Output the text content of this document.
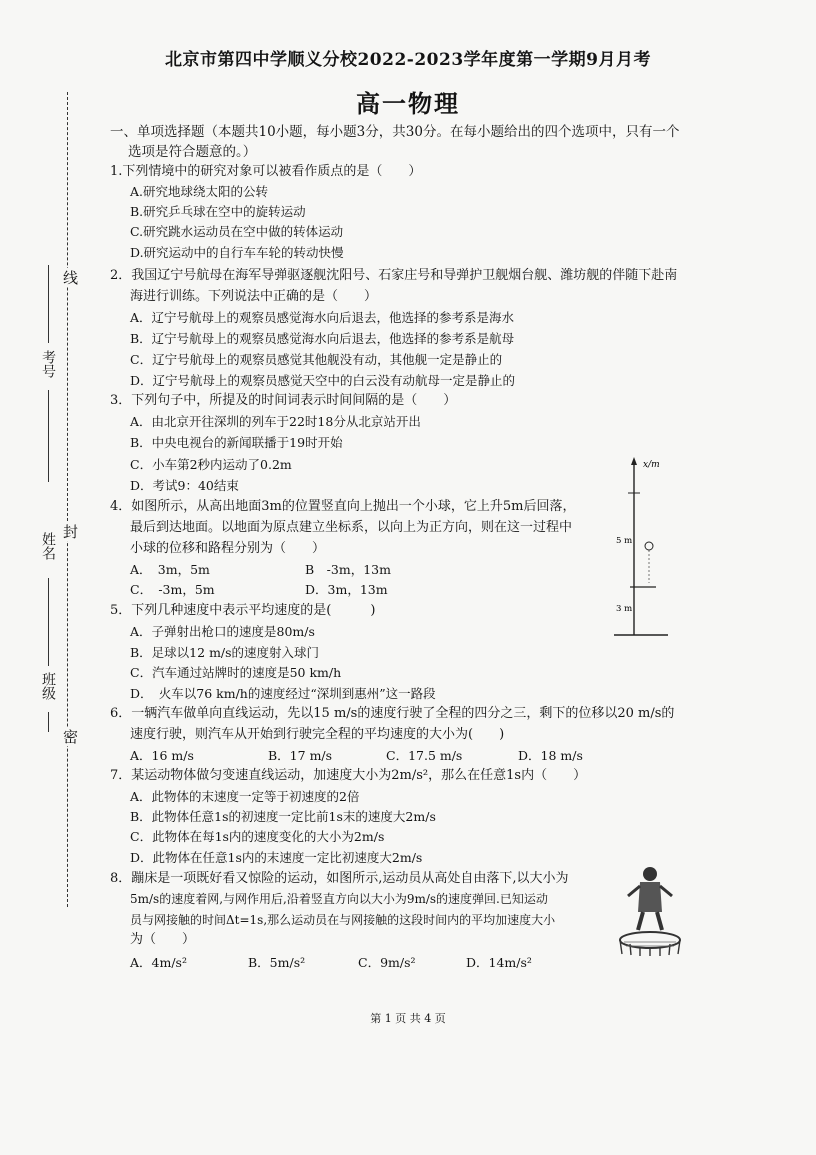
考号
姓名
班级
线
封
密
北京市第四中学顺义分校2022-2023学年度第一学期9月月考
高一物理
一、单项选择题（本题共10小题，每小题3分，共30分。在每小题给出的四个选项中，只有一个
选项是符合题意的。）
1.下列情境中的研究对象可以被看作质点的是（　　）
A.研究地球绕太阳的公转
B.研究乒乓球在空中的旋转运动
C.研究跳水运动员在空中做的转体运动
D.研究运动中的自行车车轮的转动快慢
2．我国辽宁号航母在海军导弹驱逐舰沈阳号、石家庄号和导弹护卫舰烟台舰、潍坊舰的伴随下赴南
海进行训练。下列说法中正确的是（　　）
A．辽宁号航母上的观察员感觉海水向后退去，他选择的参考系是海水
B．辽宁号航母上的观察员感觉海水向后退去，他选择的参考系是航母
C．辽宁号航母上的观察员感觉其他舰没有动，其他舰一定是静止的
D．辽宁号航母上的观察员感觉天空中的白云没有动航母一定是静止的
3．下列句子中，所提及的时间词表示时间间隔的是（　　）
A．由北京开往深圳的列车于22时18分从北京站开出
B．中央电视台的新闻联播于19时开始
C．小车第2秒内运动了0.2m
D．考试9：40结束
4．如图所示，从高出地面3m的位置竖直向上抛出一个小球，它上升5m后回落，
最后到达地面。以地面为原点建立坐标系，以向上为正方向，则在这一过程中
小球的位移和路程分别为（　　）
A．　3m，5m	B　-3m，13m
C．　-3m，5m	D．3m，13m
x/m
5 m
3 m
5．下列几种速度中表示平均速度的是(　　　)
A．子弹射出枪口的速度是80m/s
B．足球以12 m/s的速度射入球门
C．汽车通过站牌时的速度是50 km/h
D．　火车以76 km/h的速度经过“深圳到惠州”这一路段
6．一辆汽车做单向直线运动，先以15 m/s的速度行驶了全程的四分之三，剩下的位移以20 m/s的
速度行驶，则汽车从开始到行驶完全程的平均速度的大小为(　　)
A．16 m/s	B．17 m/s	C．17.5 m/s	D．18 m/s
7．某运动物体做匀变速直线运动，加速度大小为2m/s²，那么在任意1s内（　　）
A．此物体的末速度一定等于初速度的2倍
B．此物体任意1s的初速度一定比前1s末的速度大2m/s
C．此物体在每1s内的速度变化的大小为2m/s
D．此物体在任意1s内的末速度一定比初速度大2m/s
8．蹦床是一项既好看又惊险的运动，如图所示,运动员从高处自由落下,以大小为
5m/s的速度着网,与网作用后,沿着竖直方向以大小为9m/s的速度弹回.已知运动
员与网接触的时间Δt=1s,那么运动员在与网接触的这段时间内的平均加速度大小
为（　　）
A．4m/s²	B．5m/s²	C．9m/s²	D．14m/s²
第 1 页 共 4 页
